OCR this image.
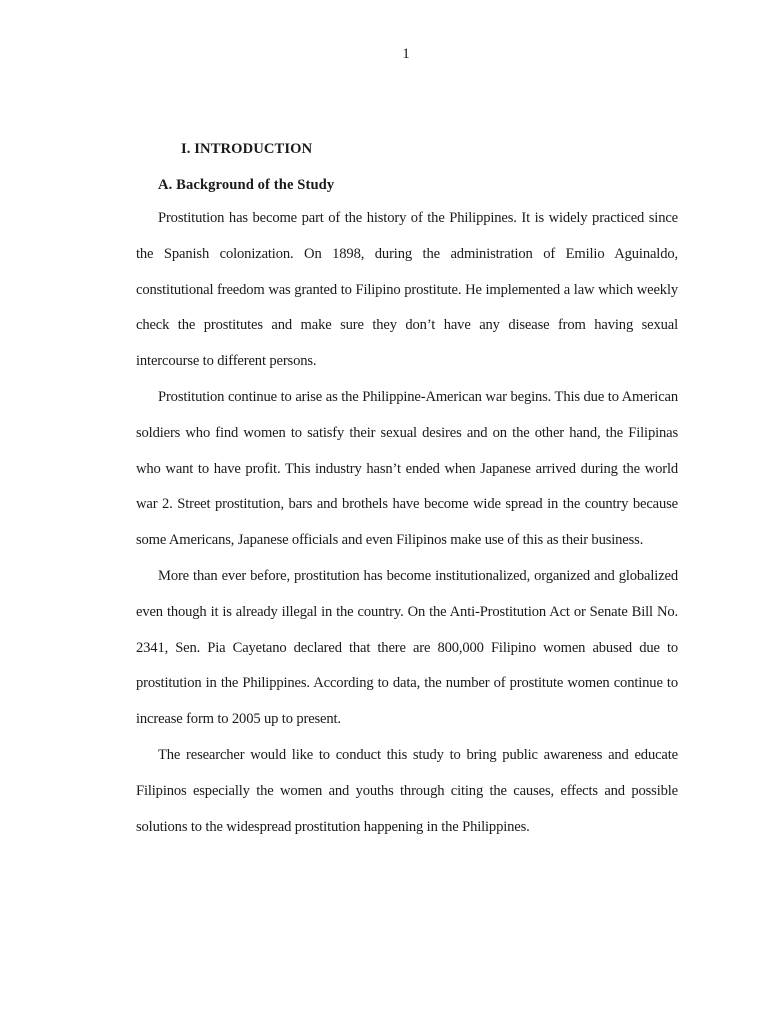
1
I. INTRODUCTION
A. Background of the Study

Prostitution has become part of the history of the Philippines. It is widely practiced since the Spanish colonization. On 1898, during the administration of Emilio Aguinaldo, constitutional freedom was granted to Filipino prostitute. He implemented a law which weekly check the prostitutes and make sure they don’t have any disease from having sexual intercourse to different persons.

Prostitution continue to arise as the Philippine-American war begins. This due to American soldiers who find women to satisfy their sexual desires and on the other hand, the Filipinas who want to have profit. This industry hasn’t ended when Japanese arrived during the world war 2. Street prostitution, bars and brothels have become wide spread in the country because some Americans, Japanese officials and even Filipinos make use of this as their business.

More than ever before, prostitution has become institutionalized, organized and globalized even though it is already illegal in the country. On the Anti-Prostitution Act or Senate Bill No. 2341, Sen. Pia Cayetano declared that there are 800,000 Filipino women abused due to prostitution in the Philippines. According to data, the number of prostitute women continue to increase form to 2005 up to present.

The researcher would like to conduct this study to bring public awareness and educate Filipinos especially the women and youths through citing the causes, effects and possible solutions to the widespread prostitution happening in the Philippines.
